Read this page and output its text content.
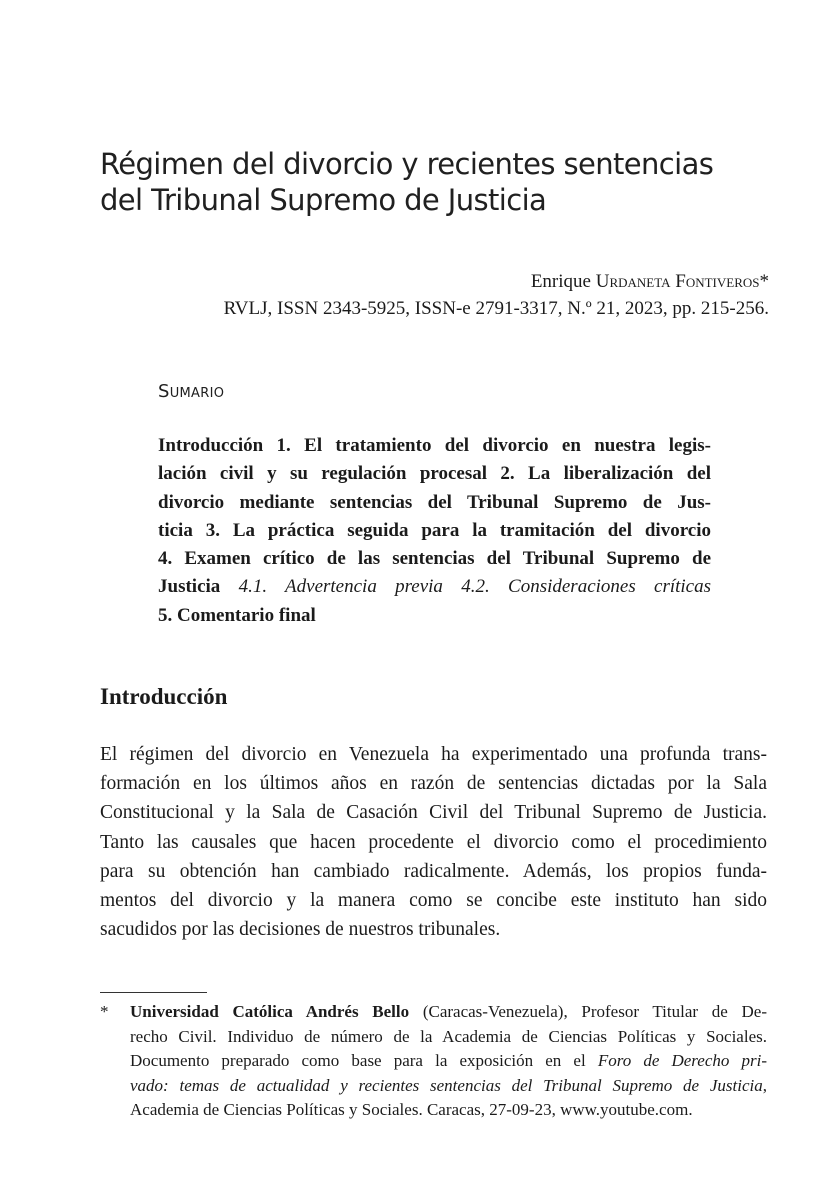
Régimen del divorcio y recientes sentencias
del Tribunal Supremo de Justicia
Enrique Urdaneta Fontiveros*
RVLJ, ISSN 2343-5925, ISSN-e 2791-3317, N.º 21, 2023, pp. 215-256.
Sumario
Introducción 1. El tratamiento del divorcio en nuestra legis-
lación civil y su regulación procesal 2. La liberalización del
divorcio mediante sentencias del Tribunal Supremo de Jus-
ticia 3. La práctica seguida para la tramitación del divorcio
4. Examen crítico de las sentencias del Tribunal Supremo de
Justicia 4.1. Advertencia previa 4.2. Consideraciones críticas
5. Comentario final
Introducción
El régimen del divorcio en Venezuela ha experimentado una profunda trans-
formación en los últimos años en razón de sentencias dictadas por la Sala
Constitucional y la Sala de Casación Civil del Tribunal Supremo de Justicia.
Tanto las causales que hacen procedente el divorcio como el procedimiento
para su obtención han cambiado radicalmente. Además, los propios funda-
mentos del divorcio y la manera como se concibe este instituto han sido
sacudidos por las decisiones de nuestros tribunales.
* Universidad Católica Andrés Bello (Caracas-Venezuela), Profesor Titular de De-
recho Civil. Individuo de número de la Academia de Ciencias Políticas y Sociales.
Documento preparado como base para la exposición en el Foro de Derecho pri-
vado: temas de actualidad y recientes sentencias del Tribunal Supremo de Justicia,
Academia de Ciencias Políticas y Sociales. Caracas, 27-09-23, www.youtube.com.
